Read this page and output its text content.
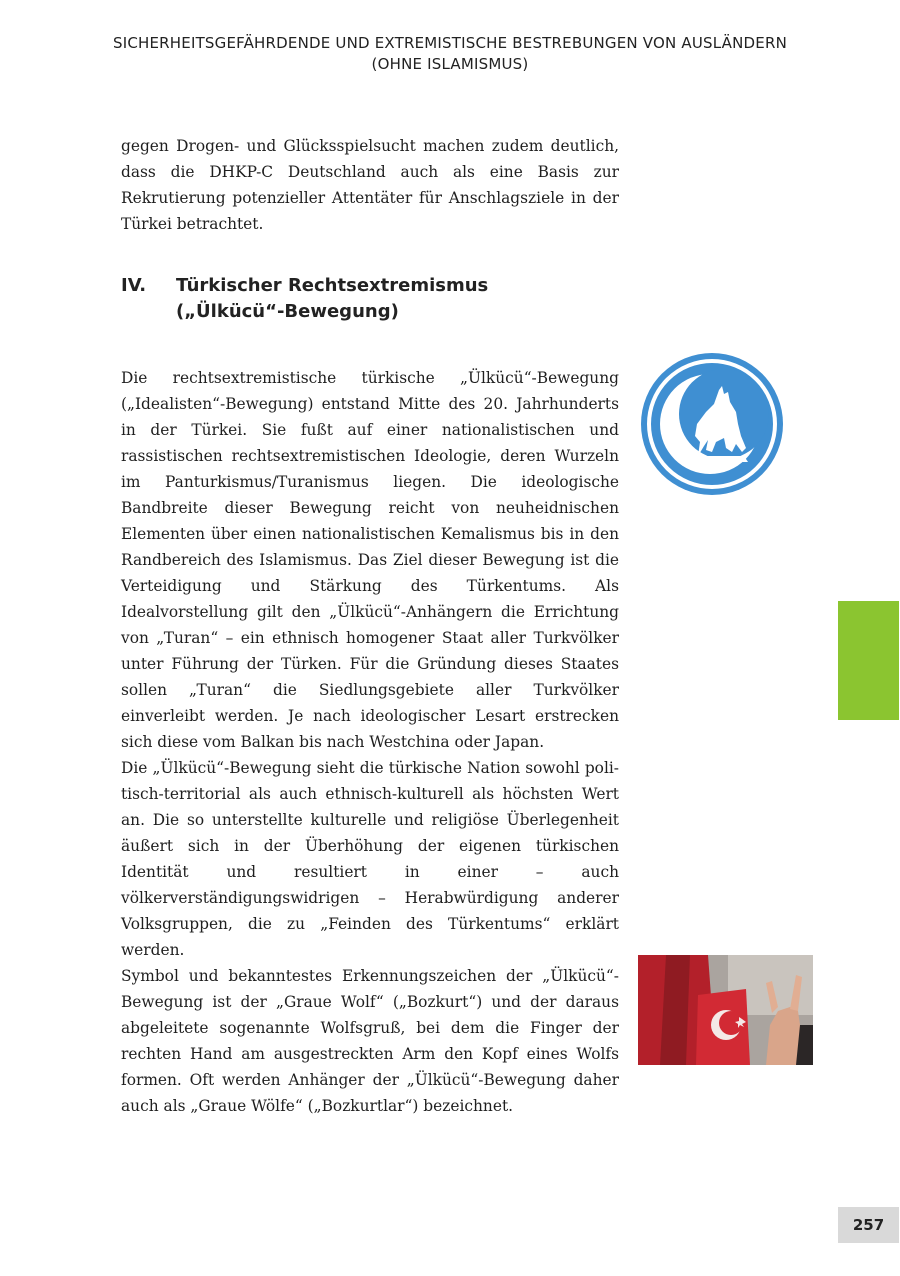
SICHERHEITSGEFÄHRDENDE UND EXTREMISTISCHE BESTREBUNGEN VON AUSLÄNDERN
(OHNE ISLAMISMUS)

gegen Drogen- und Glücksspielsucht machen zudem deutlich, dass die DHKP-C Deutschland auch als eine Basis zur Rekrutierung potenzieller Attentäter für Anschlagsziele in der Türkei betrachtet.

IV. Türkischer Rechtsextremismus
(„Ülkücü“-Bewegung)

Die rechtsextremistische türkische „Ülkücü“-Bewegung („Idealisten“-Bewegung) entstand Mitte des 20. Jahrhunderts in der Türkei. Sie fußt auf einer nationalistischen und rassistischen rechtsextremistischen Ideologie, deren Wurzeln im Panturkismus/Turanismus liegen. Die ideologische Bandbreite dieser Bewegung reicht von neuheidnischen Elementen über einen nationalistischen Kemalismus bis in den Randbereich des Islamismus. Das Ziel dieser Bewegung ist die Verteidigung und Stärkung des Türkentums. Als Idealvorstellung gilt den „Ülkücü“-Anhängern die Errichtung von „Turan“ – ein ethnisch homogener Staat aller Turkvölker unter Führung der Türken. Für die Gründung dieses Staates sollen „Turan“ die Siedlungsgebiete aller Turkvölker einverleibt werden. Je nach ideologischer Lesart erstrecken sich diese vom Balkan bis nach Westchina oder Japan.

Die „Ülkücü“-Bewegung sieht die türkische Nation sowohl politisch-territorial als auch ethnisch-kulturell als höchsten Wert an. Die so unterstellte kulturelle und religiöse Überlegenheit äußert sich in der Überhöhung der eigenen türkischen Identität und resultiert in einer – auch völkerverständigungswidrigen – Herabwürdigung anderer Volksgruppen, die zu „Feinden des Türkentums“ erklärt werden.

Symbol und bekanntestes Erkennungszeichen der „Ülkücü“-Bewegung ist der „Graue Wolf“ („Bozkurt“) und der daraus abgeleitete sogenannte Wolfsgruß, bei dem die Finger der rechten Hand am ausgestreckten Arm den Kopf eines Wolfs formen. Oft werden Anhänger der „Ülkücü“-Bewegung daher auch als „Graue Wölfe“ („Bozkurtlar“) bezeichnet.

257
